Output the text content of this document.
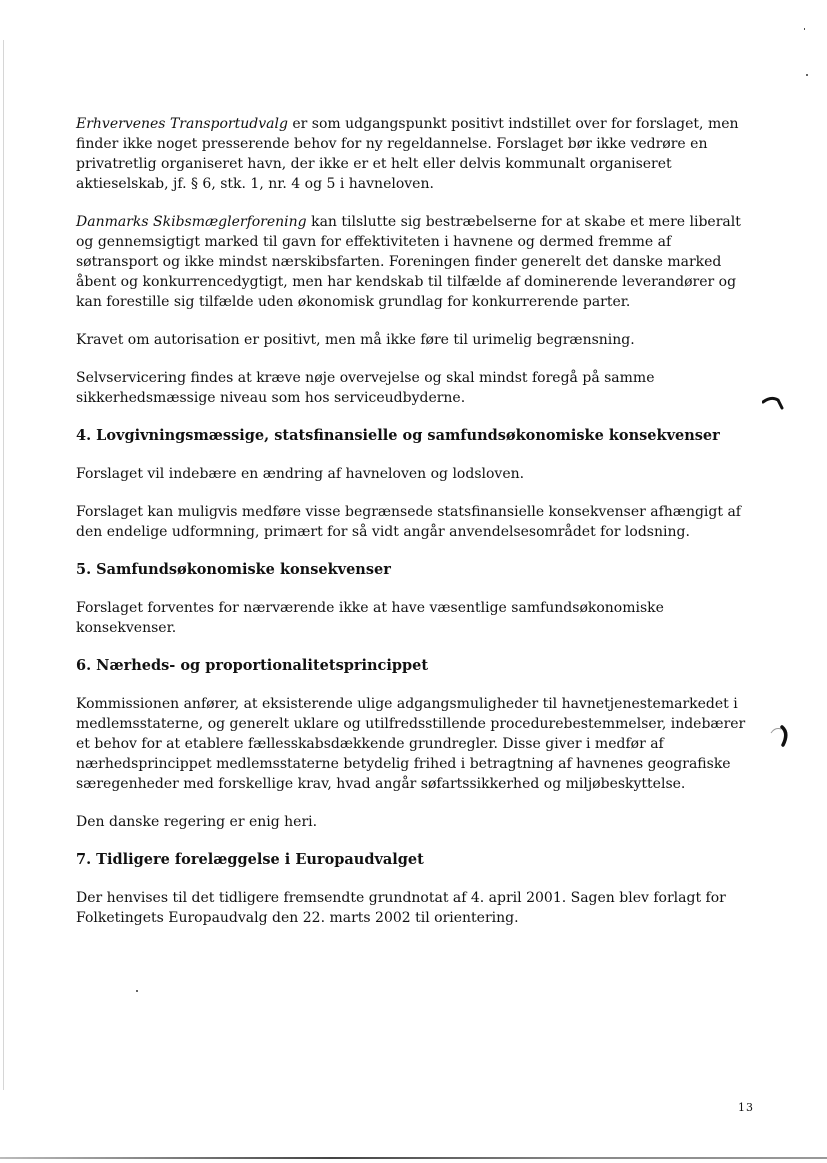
Erhvervenes Transportudvalg er som udgangspunkt positivt indstillet over for forslaget, men finder ikke noget presserende behov for ny regeldannelse. Forslaget bør ikke vedrøre en privatretlig organiseret havn, der ikke er et helt eller delvis kommunalt organiseret aktieselskab, jf. § 6, stk. 1, nr. 4 og 5 i havneloven.

Danmarks Skibsmæglerforening kan tilslutte sig bestræbelserne for at skabe et mere liberalt og gennemsigtigt marked til gavn for effektiviteten i havnene og dermed fremme af søtransport og ikke mindst nærskibsfarten. Foreningen finder generelt det danske marked åbent og konkurrencedygtigt, men har kendskab til tilfælde af dominerende leverandører og kan forestille sig tilfælde uden økonomisk grundlag for konkurrerende parter.

Kravet om autorisation er positivt, men må ikke føre til urimelig begrænsning.

Selvservicering findes at kræve nøje overvejelse og skal mindst foregå på samme sikkerhedsmæssige niveau som hos serviceudbyderne.

4. Lovgivningsmæssige, statsfinansielle og samfundsøkonomiske konsekvenser

Forslaget vil indebære en ændring af havneloven og lodsloven.

Forslaget kan muligvis medføre visse begrænsede statsfinansielle konsekvenser afhængigt af den endelige udformning, primært for så vidt angår anvendelsesområdet for lodsning.

5. Samfundsøkonomiske konsekvenser

Forslaget forventes for nærværende ikke at have væsentlige samfundsøkonomiske konsekvenser.

6. Nærheds- og proportionalitetsprincippet

Kommissionen anfører, at eksisterende ulige adgangsmuligheder til havnetjenestemarkedet i medlemsstaterne, og generelt uklare og utilfredsstillende procedurebestemmelser, indebærer et behov for at etablere fællesskabsdækkende grundregler. Disse giver i medfør af nærhedsprincippet medlemsstaterne betydelig frihed i betragtning af havnenes geografiske særegenheder med forskellige krav, hvad angår søfartssikkerhed og miljøbeskyttelse.

Den danske regering er enig heri.

7. Tidligere forelæggelse i Europaudvalget

Der henvises til det tidligere fremsendte grundnotat af 4. april 2001. Sagen blev forlagt for Folketingets Europaudvalg den 22. marts 2002 til orientering.

13
